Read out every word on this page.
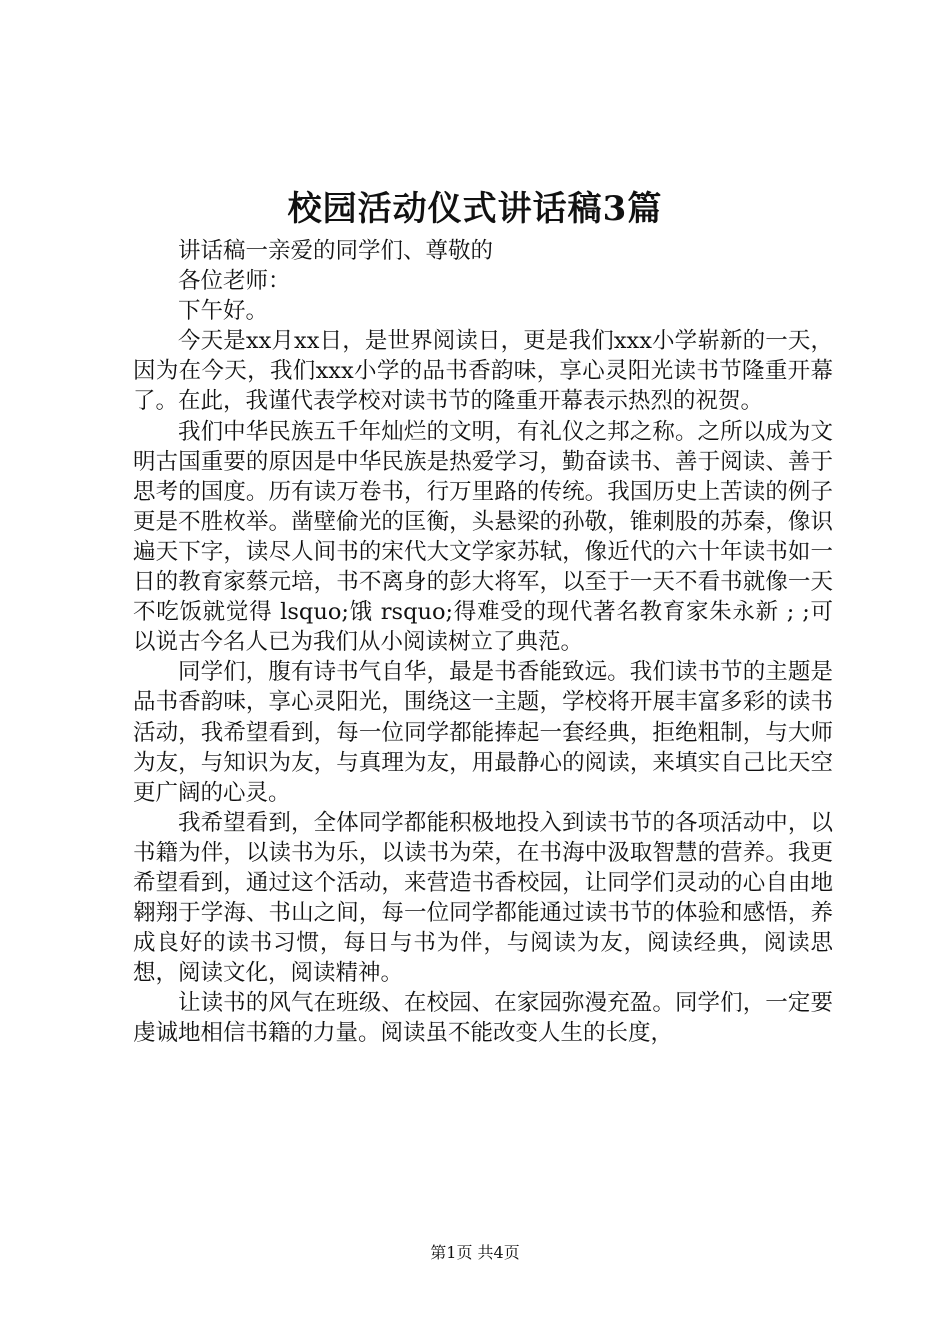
校园活动仪式讲话稿3篇

讲话稿一亲爱的同学们、尊敬的

各位老师：

下午好。

今天是xx月xx日，是世界阅读日，更是我们xxx小学崭新的一天，因为在今天，我们xxx小学的品书香韵味，享心灵阳光读书节隆重开幕了。在此，我谨代表学校对读书节的隆重开幕表示热烈的祝贺。

我们中华民族五千年灿烂的文明，有礼仪之邦之称。之所以成为文明古国重要的原因是中华民族是热爱学习，勤奋读书、善于阅读、善于思考的国度。历有读万卷书，行万里路的传统。我国历史上苦读的例子更是不胜枚举。凿壁偷光的匡衡，头悬梁的孙敬，锥刺股的苏秦，像识遍天下字，读尽人间书的宋代大文学家苏轼，像近代的六十年读书如一日的教育家蔡元培，书不离身的彭大将军，以至于一天不看书就像一天不吃饭就觉得 lsquo;饿 rsquo;得难受的现代著名教育家朱永新 ; ;可以说古今名人已为我们从小阅读树立了典范。

同学们，腹有诗书气自华，最是书香能致远。我们读书节的主题是品书香韵味，享心灵阳光，围绕这一主题，学校将开展丰富多彩的读书活动，我希望看到，每一位同学都能捧起一套经典，拒绝粗制，与大师为友，与知识为友，与真理为友，用最静心的阅读，来填实自己比天空更广阔的心灵。

我希望看到，全体同学都能积极地投入到读书节的各项活动中，以书籍为伴，以读书为乐，以读书为荣，在书海中汲取智慧的营养。我更希望看到，通过这个活动，来营造书香校园，让同学们灵动的心自由地翱翔于学海、书山之间，每一位同学都能通过读书节的体验和感悟，养成良好的读书习惯，每日与书为伴，与阅读为友，阅读经典，阅读思想，阅读文化，阅读精神。

让读书的风气在班级、在校园、在家园弥漫充盈。同学们，一定要虔诚地相信书籍的力量。阅读虽不能改变人生的长度，

第1页 共4页
